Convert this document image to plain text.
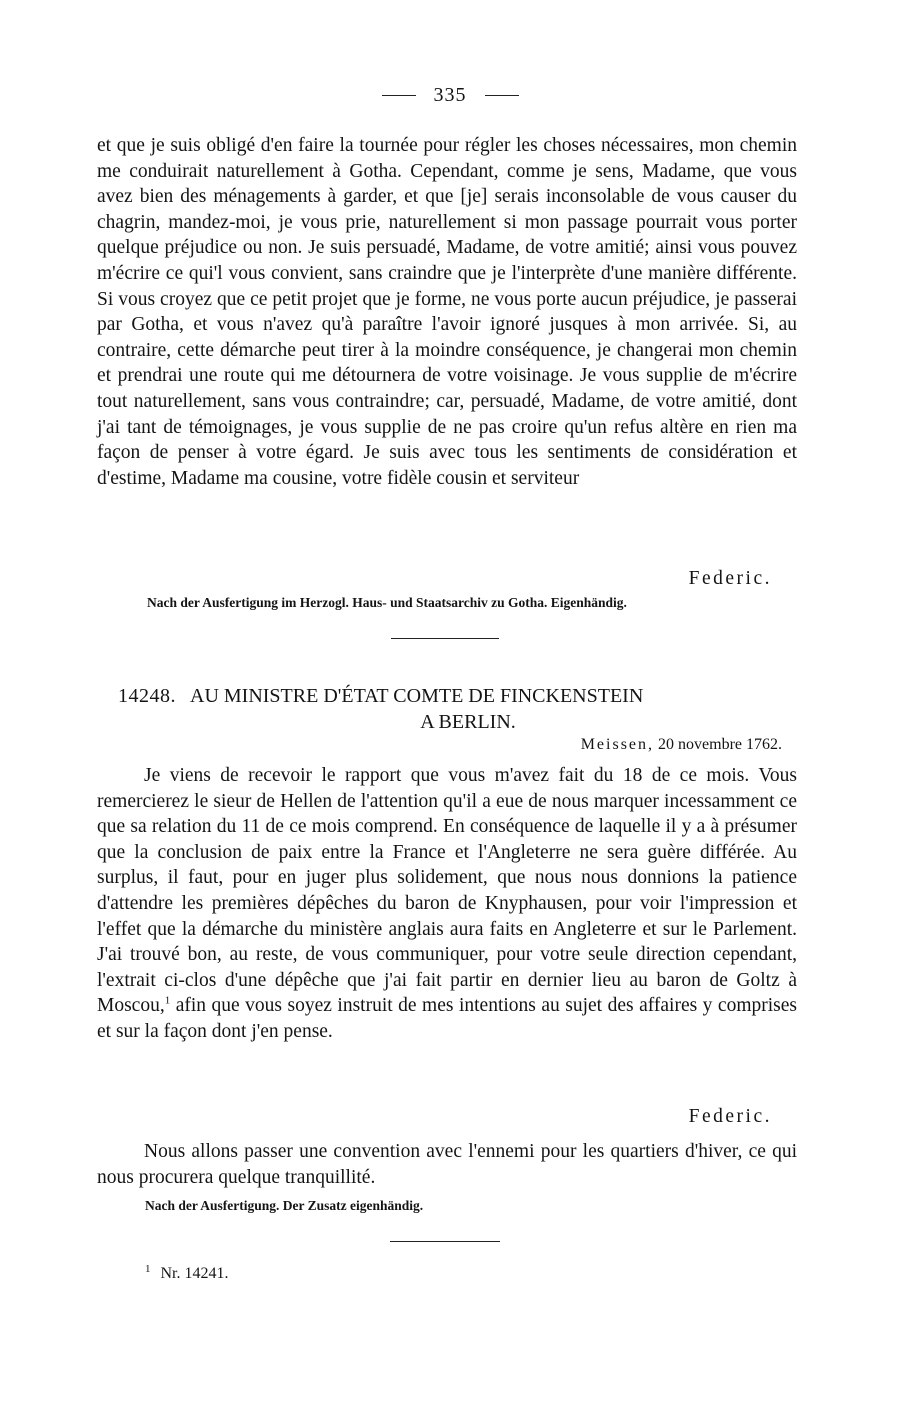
335
et que je suis obligé d'en faire la tournée pour régler les choses nécessaires, mon chemin me conduirait naturellement à Gotha. Cependant, comme je sens, Madame, que vous avez bien des ménagements à garder, et que [je] serais inconsolable de vous causer du chagrin, mandez-moi, je vous prie, naturellement si mon passage pourrait vous porter quelque préjudice ou non. Je suis persuadé, Madame, de votre amitié; ainsi vous pouvez m'écrire ce qui'l vous convient, sans craindre que je l'interprète d'une manière différente. Si vous croyez que ce petit projet que je forme, ne vous porte aucun préjudice, je passerai par Gotha, et vous n'avez qu'à paraître l'avoir ignoré jusques à mon arrivée. Si, au contraire, cette démarche peut tirer à la moindre conséquence, je changerai mon chemin et prendrai une route qui me détournera de votre voisinage. Je vous supplie de m'écrire tout naturellement, sans vous contraindre; car, persuadé, Madame, de votre amitié, dont j'ai tant de témoignages, je vous supplie de ne pas croire qu'un refus altère en rien ma façon de penser à votre égard. Je suis avec tous les sentiments de considération et d'estime, Madame ma cousine, votre fidèle cousin et serviteur
Federic.
Nach der Ausfertigung im Herzogl. Haus- und Staatsarchiv zu Gotha. Eigenhändig.
14248. AU MINISTRE D'ÉTAT COMTE DE FINCKENSTEIN
A BERLIN.
Meissen, 20 novembre 1762.
Je viens de recevoir le rapport que vous m'avez fait du 18 de ce mois. Vous remercierez le sieur de Hellen de l'attention qu'il a eue de nous marquer incessamment ce que sa relation du 11 de ce mois comprend. En conséquence de laquelle il y a à présumer que la conclusion de paix entre la France et l'Angleterre ne sera guère différée. Au surplus, il faut, pour en juger plus solidement, que nous nous donnions la patience d'attendre les premières dépêches du baron de Knyphausen, pour voir l'impression et l'effet que la démarche du ministère anglais aura faits en Angleterre et sur le Parlement. J'ai trouvé bon, au reste, de vous communiquer, pour votre seule direction cependant, l'extrait ci-clos d'une dépêche que j'ai fait partir en dernier lieu au baron de Goltz à Moscou,$^1$ afin que vous soyez instruit de mes intentions au sujet des affaires y comprises et sur la façon dont j'en pense.
Federic.
Nous allons passer une convention avec l'ennemi pour les quartiers d'hiver, ce qui nous procurera quelque tranquillité.
Nach der Ausfertigung. Der Zusatz eigenhändig.
$^1$ Nr. 14241.
